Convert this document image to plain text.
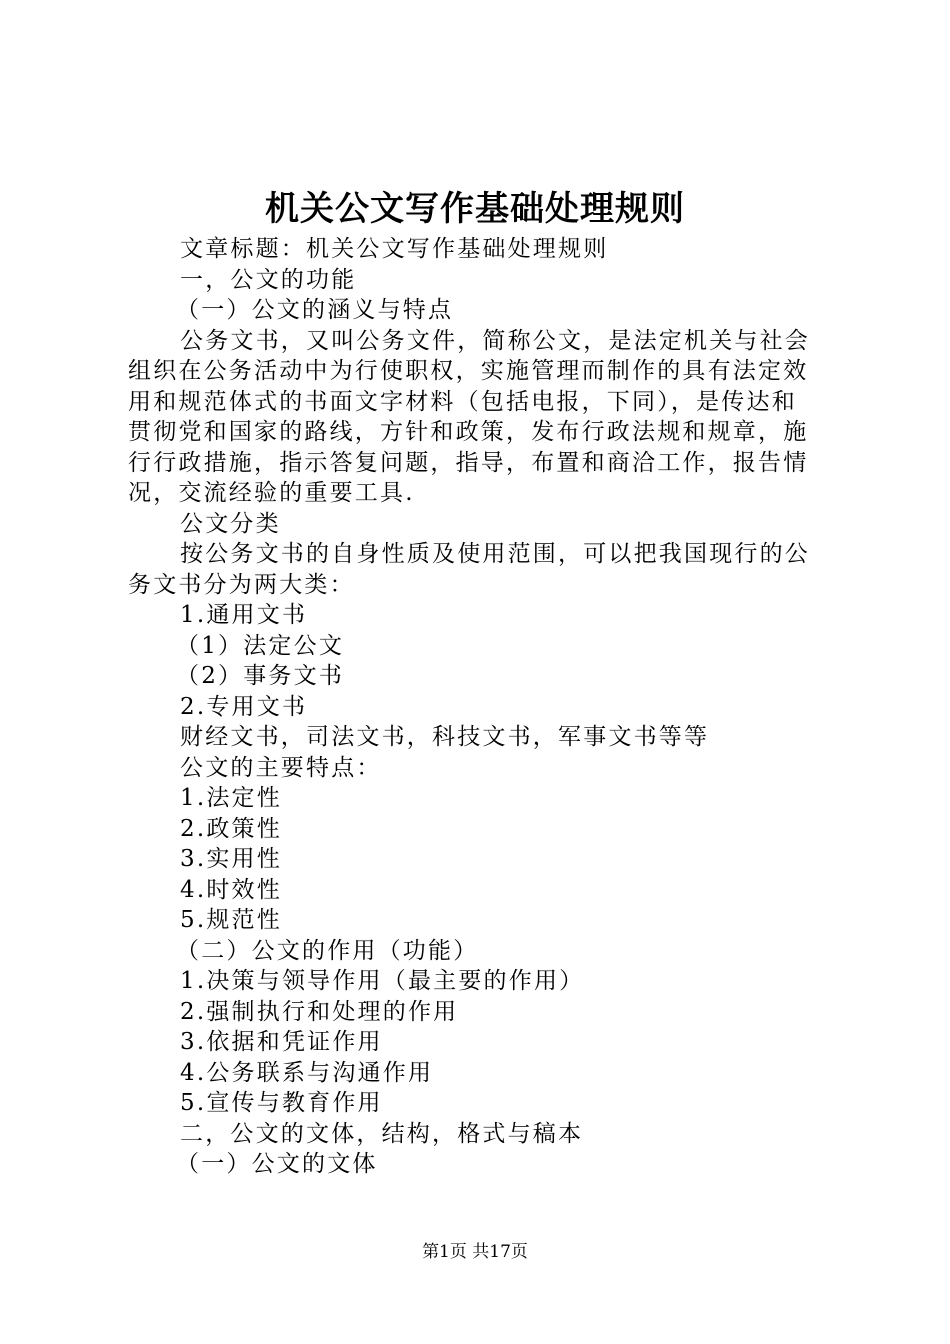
机关公文写作基础处理规则
文章标题：机关公文写作基础处理规则
一，公文的功能
（一）公文的涵义与特点
公务文书，又叫公务文件，简称公文，是法定机关与社会
组织在公务活动中为行使职权，实施管理而制作的具有法定效
用和规范体式的书面文字材料（包括电报，下同），是传达和
贯彻党和国家的路线，方针和政策，发布行政法规和规章，施
行行政措施，指示答复问题，指导，布置和商洽工作，报告情
况，交流经验的重要工具.
公文分类
按公务文书的自身性质及使用范围，可以把我国现行的公
务文书分为两大类：
1.通用文书
（1）法定公文
（2）事务文书
2.专用文书
财经文书，司法文书，科技文书，军事文书等等
公文的主要特点：
1.法定性
2.政策性
3.实用性
4.时效性
5.规范性
（二）公文的作用（功能）
1.决策与领导作用（最主要的作用）
2.强制执行和处理的作用
3.依据和凭证作用
4.公务联系与沟通作用
5.宣传与教育作用
二，公文的文体，结构，格式与稿本
（一）公文的文体
第1页 共17页
